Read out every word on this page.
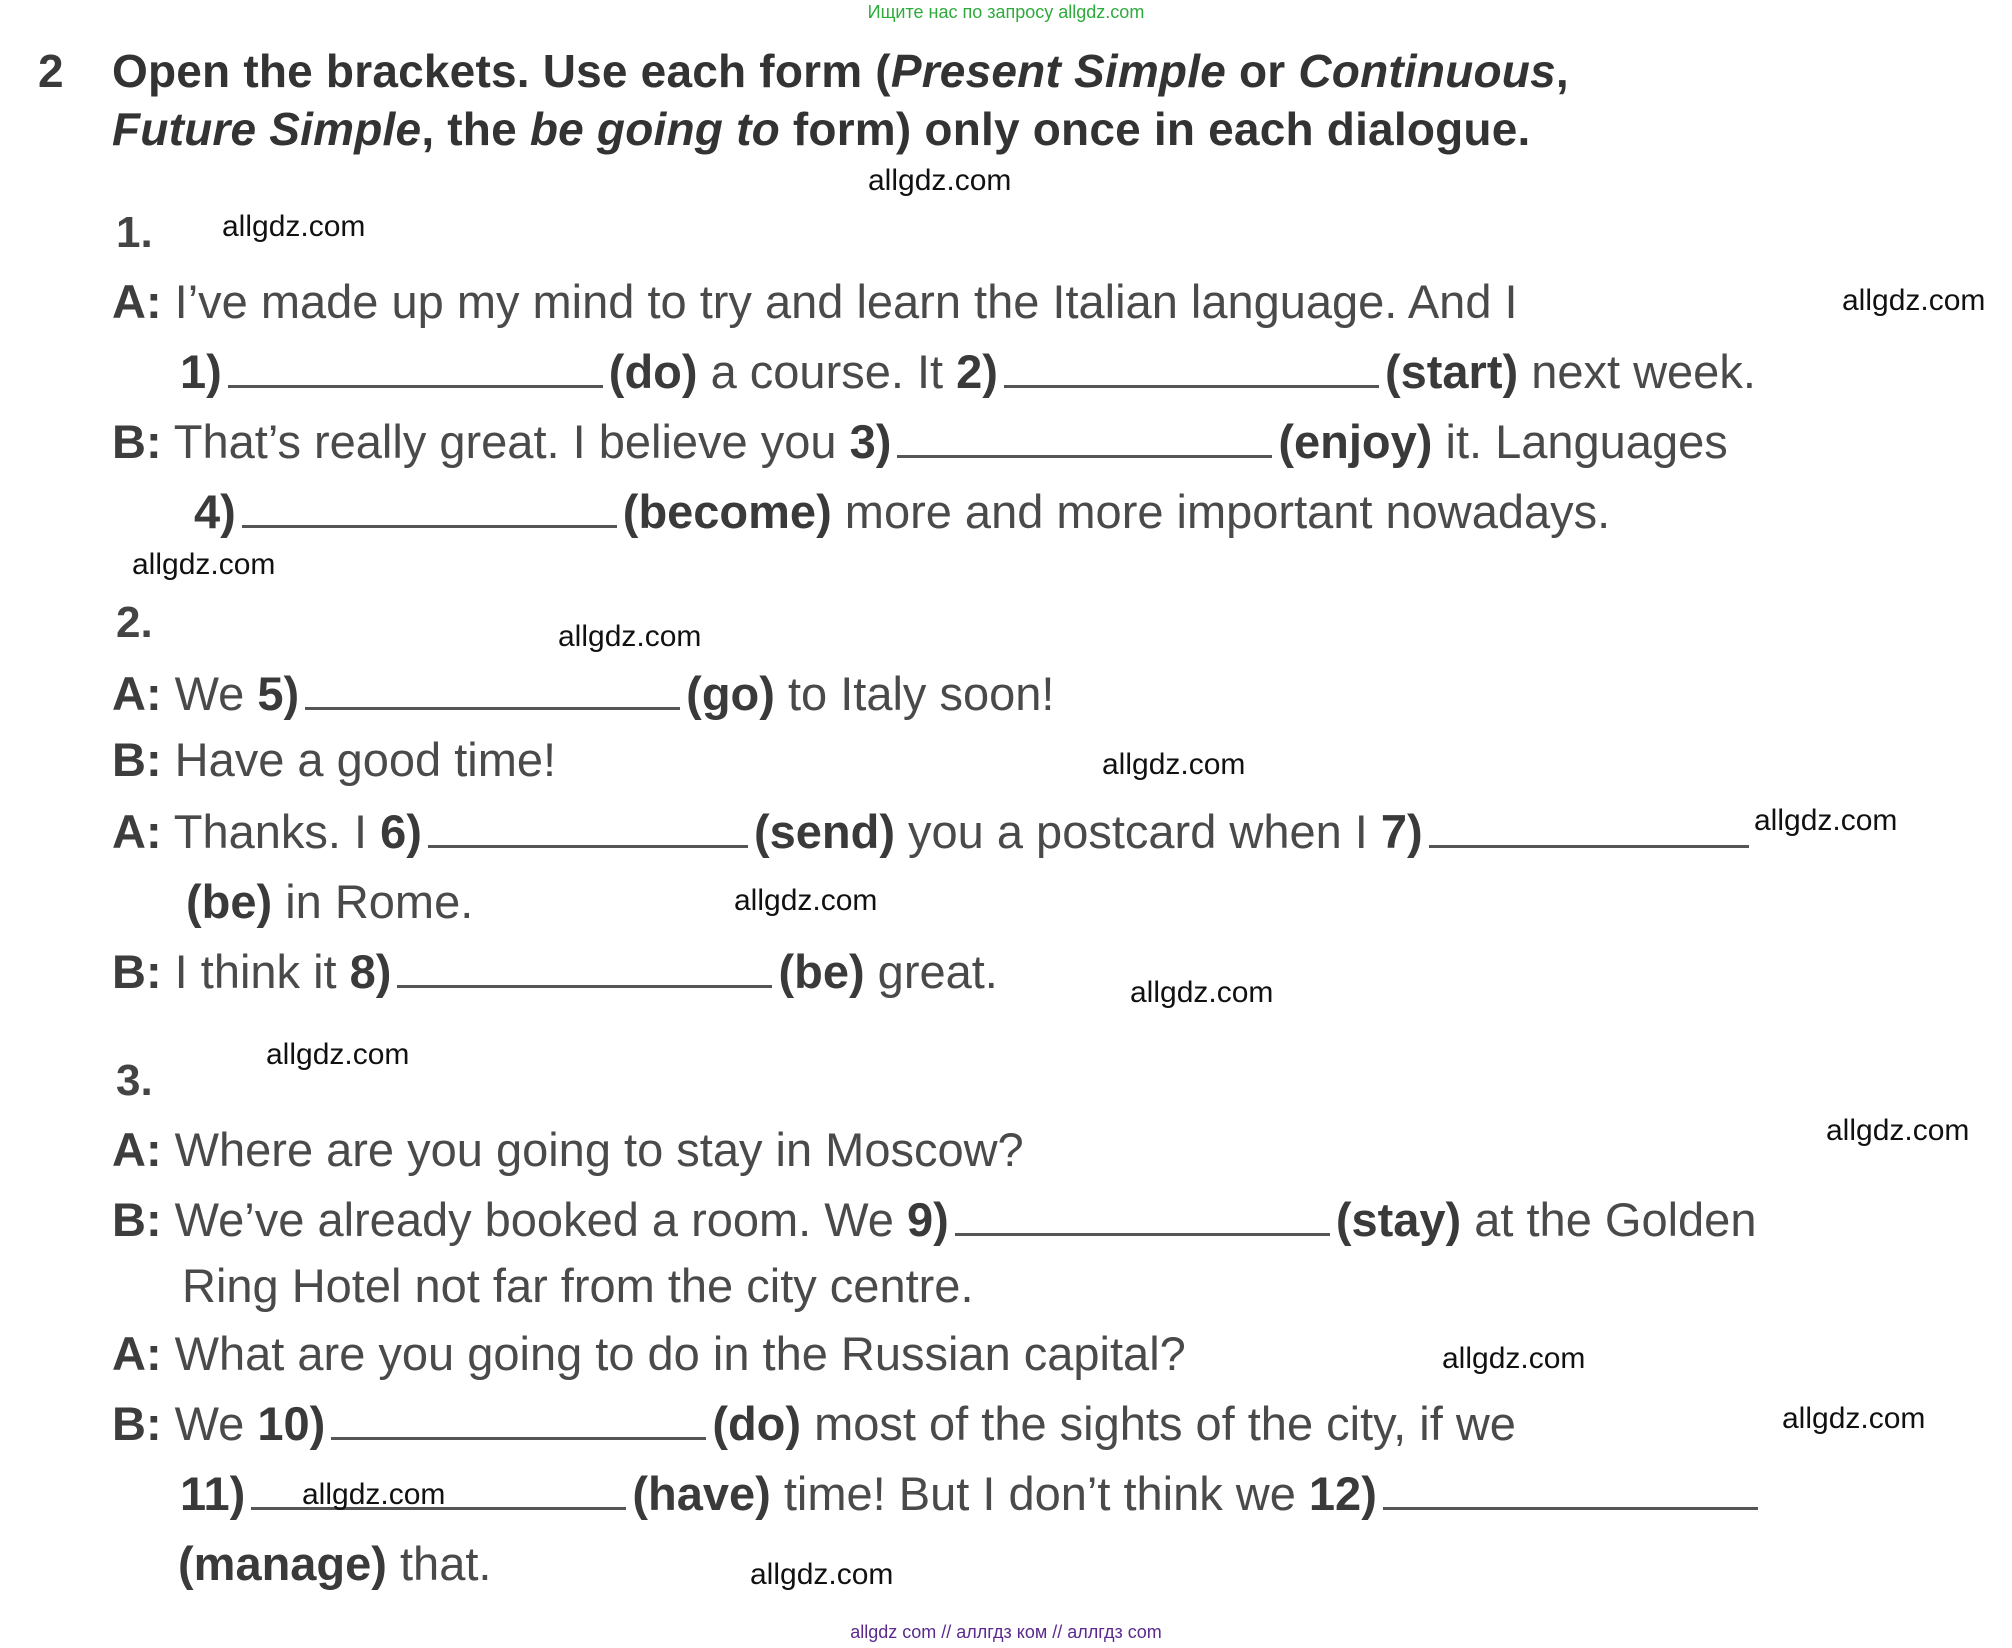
Ищите нас по запросу allgdz.com
2 Open the brackets. Use each form (Present Simple or Continuous,
Future Simple, the be going to form) only once in each dialogue.
1.
A: I’ve made up my mind to try and learn the Italian language. And I
1)	(do) a course. It 2)	(start) next week.
B: That’s really great. I believe you 3)	(enjoy) it. Languages
4)	(become) more and more important nowadays.
2.
A: We 5)	(go) to Italy soon!
B: Have a good time!
A: Thanks. I 6)	(send) you a postcard when I 7)
(be) in Rome.
B: I think it 8)	(be) great.
3.
A: Where are you going to stay in Moscow?
B: We’ve already booked a room. We 9)	(stay) at the Golden
Ring Hotel not far from the city centre.
A: What are you going to do in the Russian capital?
B: We 10)	(do) most of the sights of the city, if we
11)	(have) time! But I don’t think we 12)
(manage) that.
allgdz.com
allgdz.com
allgdz.com
allgdz.com
allgdz.com
allgdz.com
allgdz.com
allgdz.com
allgdz.com
allgdz.com
allgdz.com
allgdz.com
allgdz.com
allgdz.com
allgdz.com
allgdz com // аллгдз ком // аллгдз com
